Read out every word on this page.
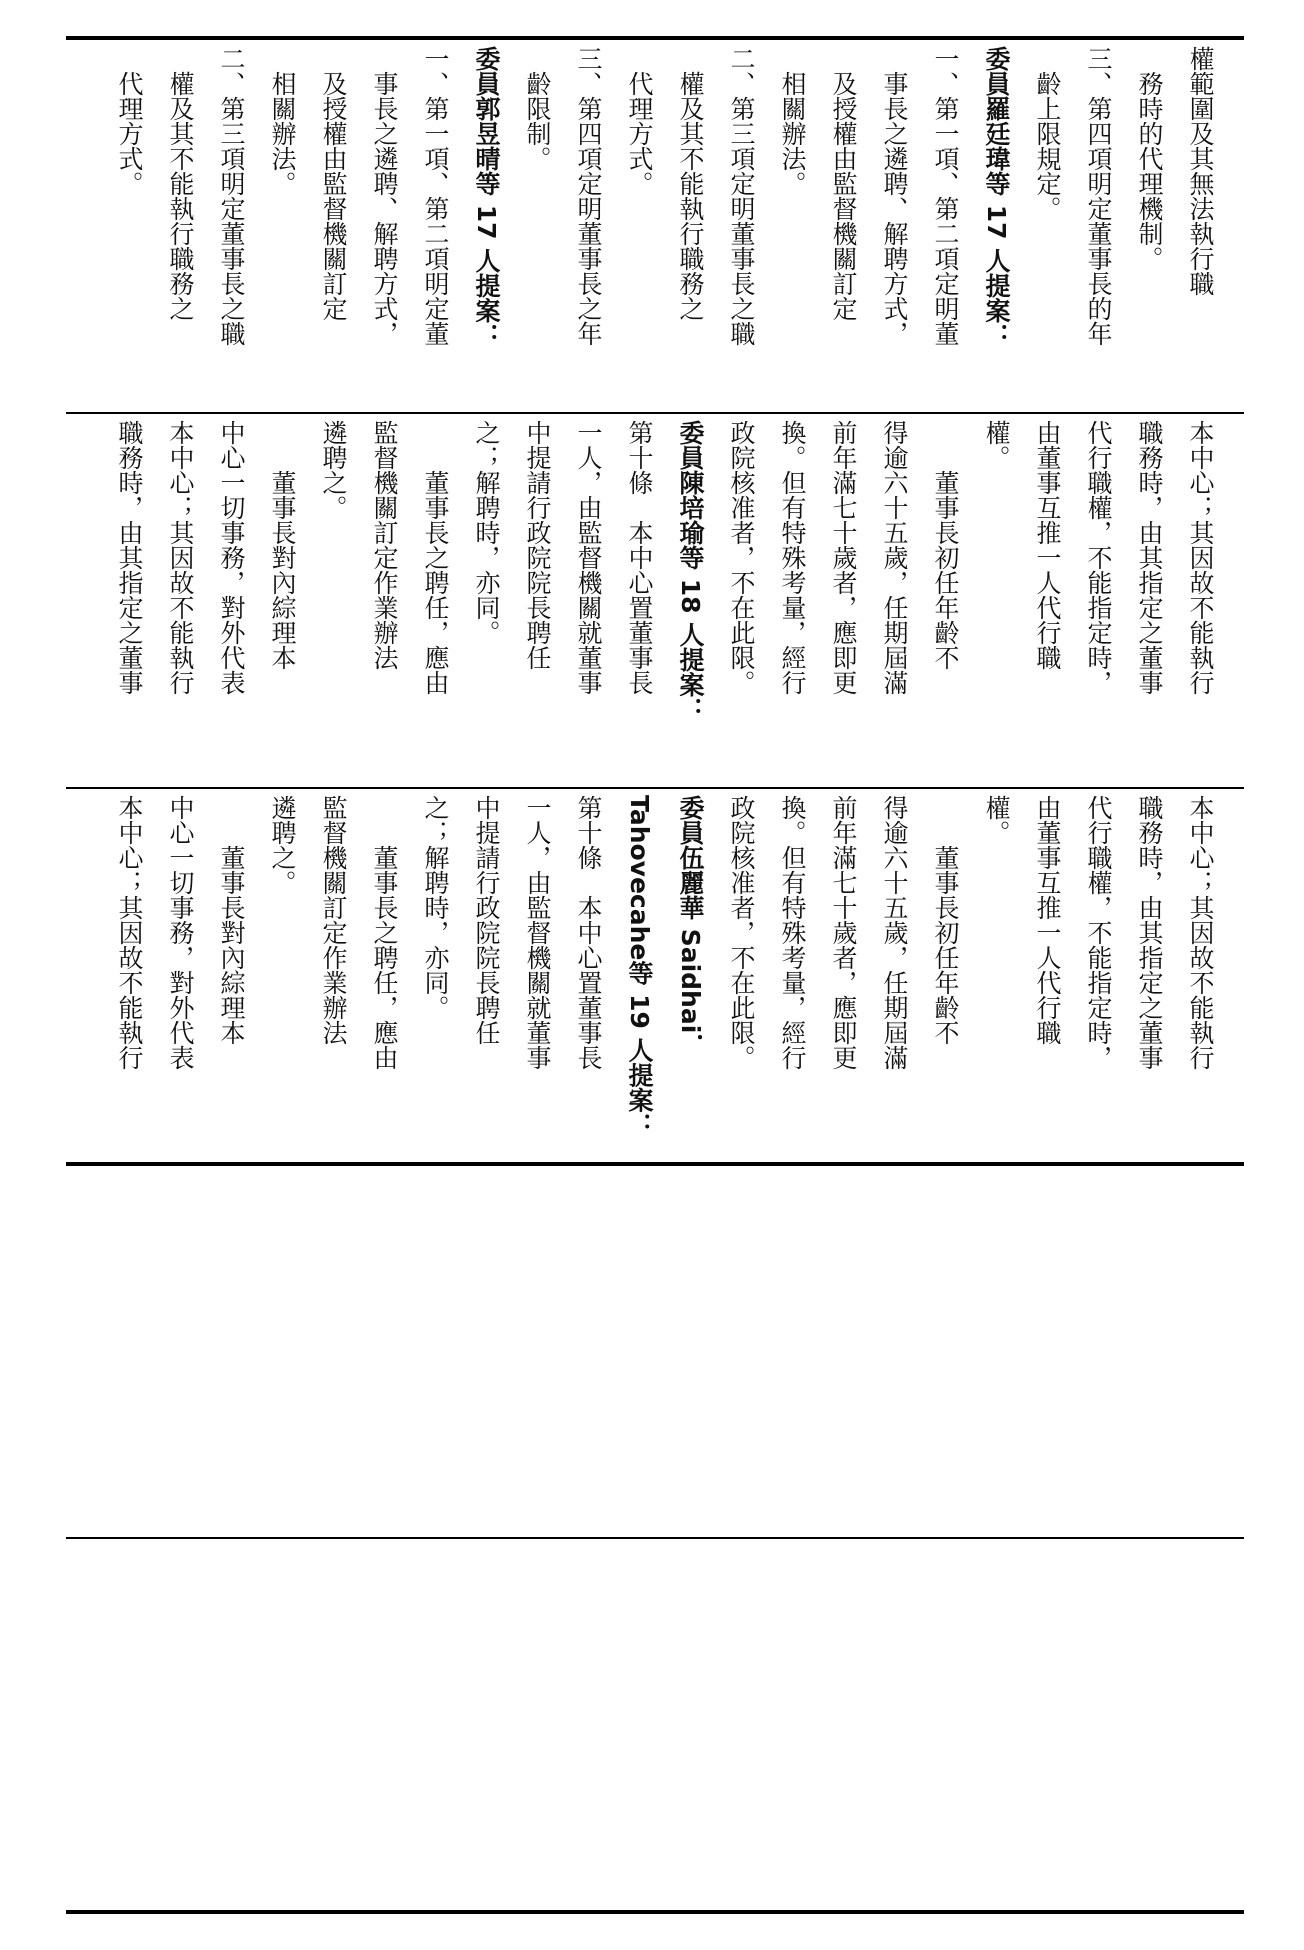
權範圍及其無法執行職

　務時的代理機制。

三、第四項明定董事長的年

　齡上限規定。

委員羅廷瑋等 17 人提案：

一、第一項、第二項定明董

　事長之遴聘、解聘方式，

　及授權由監督機關訂定

　相關辦法。

二、第三項定明董事長之職

　權及其不能執行職務之

　代理方式。

三、第四項定明董事長之年

　齡限制。

委員郭昱晴等 17 人提案：

一、第一項、第二項明定董

　事長之遴聘、解聘方式，

　及授權由監督機關訂定

　相關辦法。

二、第三項明定董事長之職

　權及其不能執行職務之

　代理方式。

本中心；其因故不能執行

職務時，由其指定之董事

代行職權，不能指定時，

由董事互推一人代行職

權。

　　董事長初任年齡不

得逾六十五歲，任期屆滿

前年滿七十歲者，應即更

換。但有特殊考量，經行

政院核准者，不在此限。

委員陳培瑜等 18 人提案：

第十條　本中心置董事長

一人，由監督機關就董事

中提請行政院院長聘任

之；解聘時，亦同。

　　董事長之聘任，應由

監督機關訂定作業辦法

遴聘之。

　　董事長對內綜理本

中心一切事務，對外代表

本中心；其因故不能執行

職務時，由其指定之董事

本中心；其因故不能執行

職務時，由其指定之董事

代行職權，不能指定時，

由董事互推一人代行職

權。

　　董事長初任年齡不

得逾六十五歲，任期屆滿

前年滿七十歲者，應即更

換。但有特殊考量，經行

政院核准者，不在此限。

委員伍麗華 Saidhai．

Tahovecahe等 19 人提案：

第十條　本中心置董事長

一人，由監督機關就董事

中提請行政院院長聘任

之；解聘時，亦同。

　　董事長之聘任，應由

監督機關訂定作業辦法

遴聘之。

　　董事長對內綜理本

中心一切事務，對外代表

本中心；其因故不能執行
